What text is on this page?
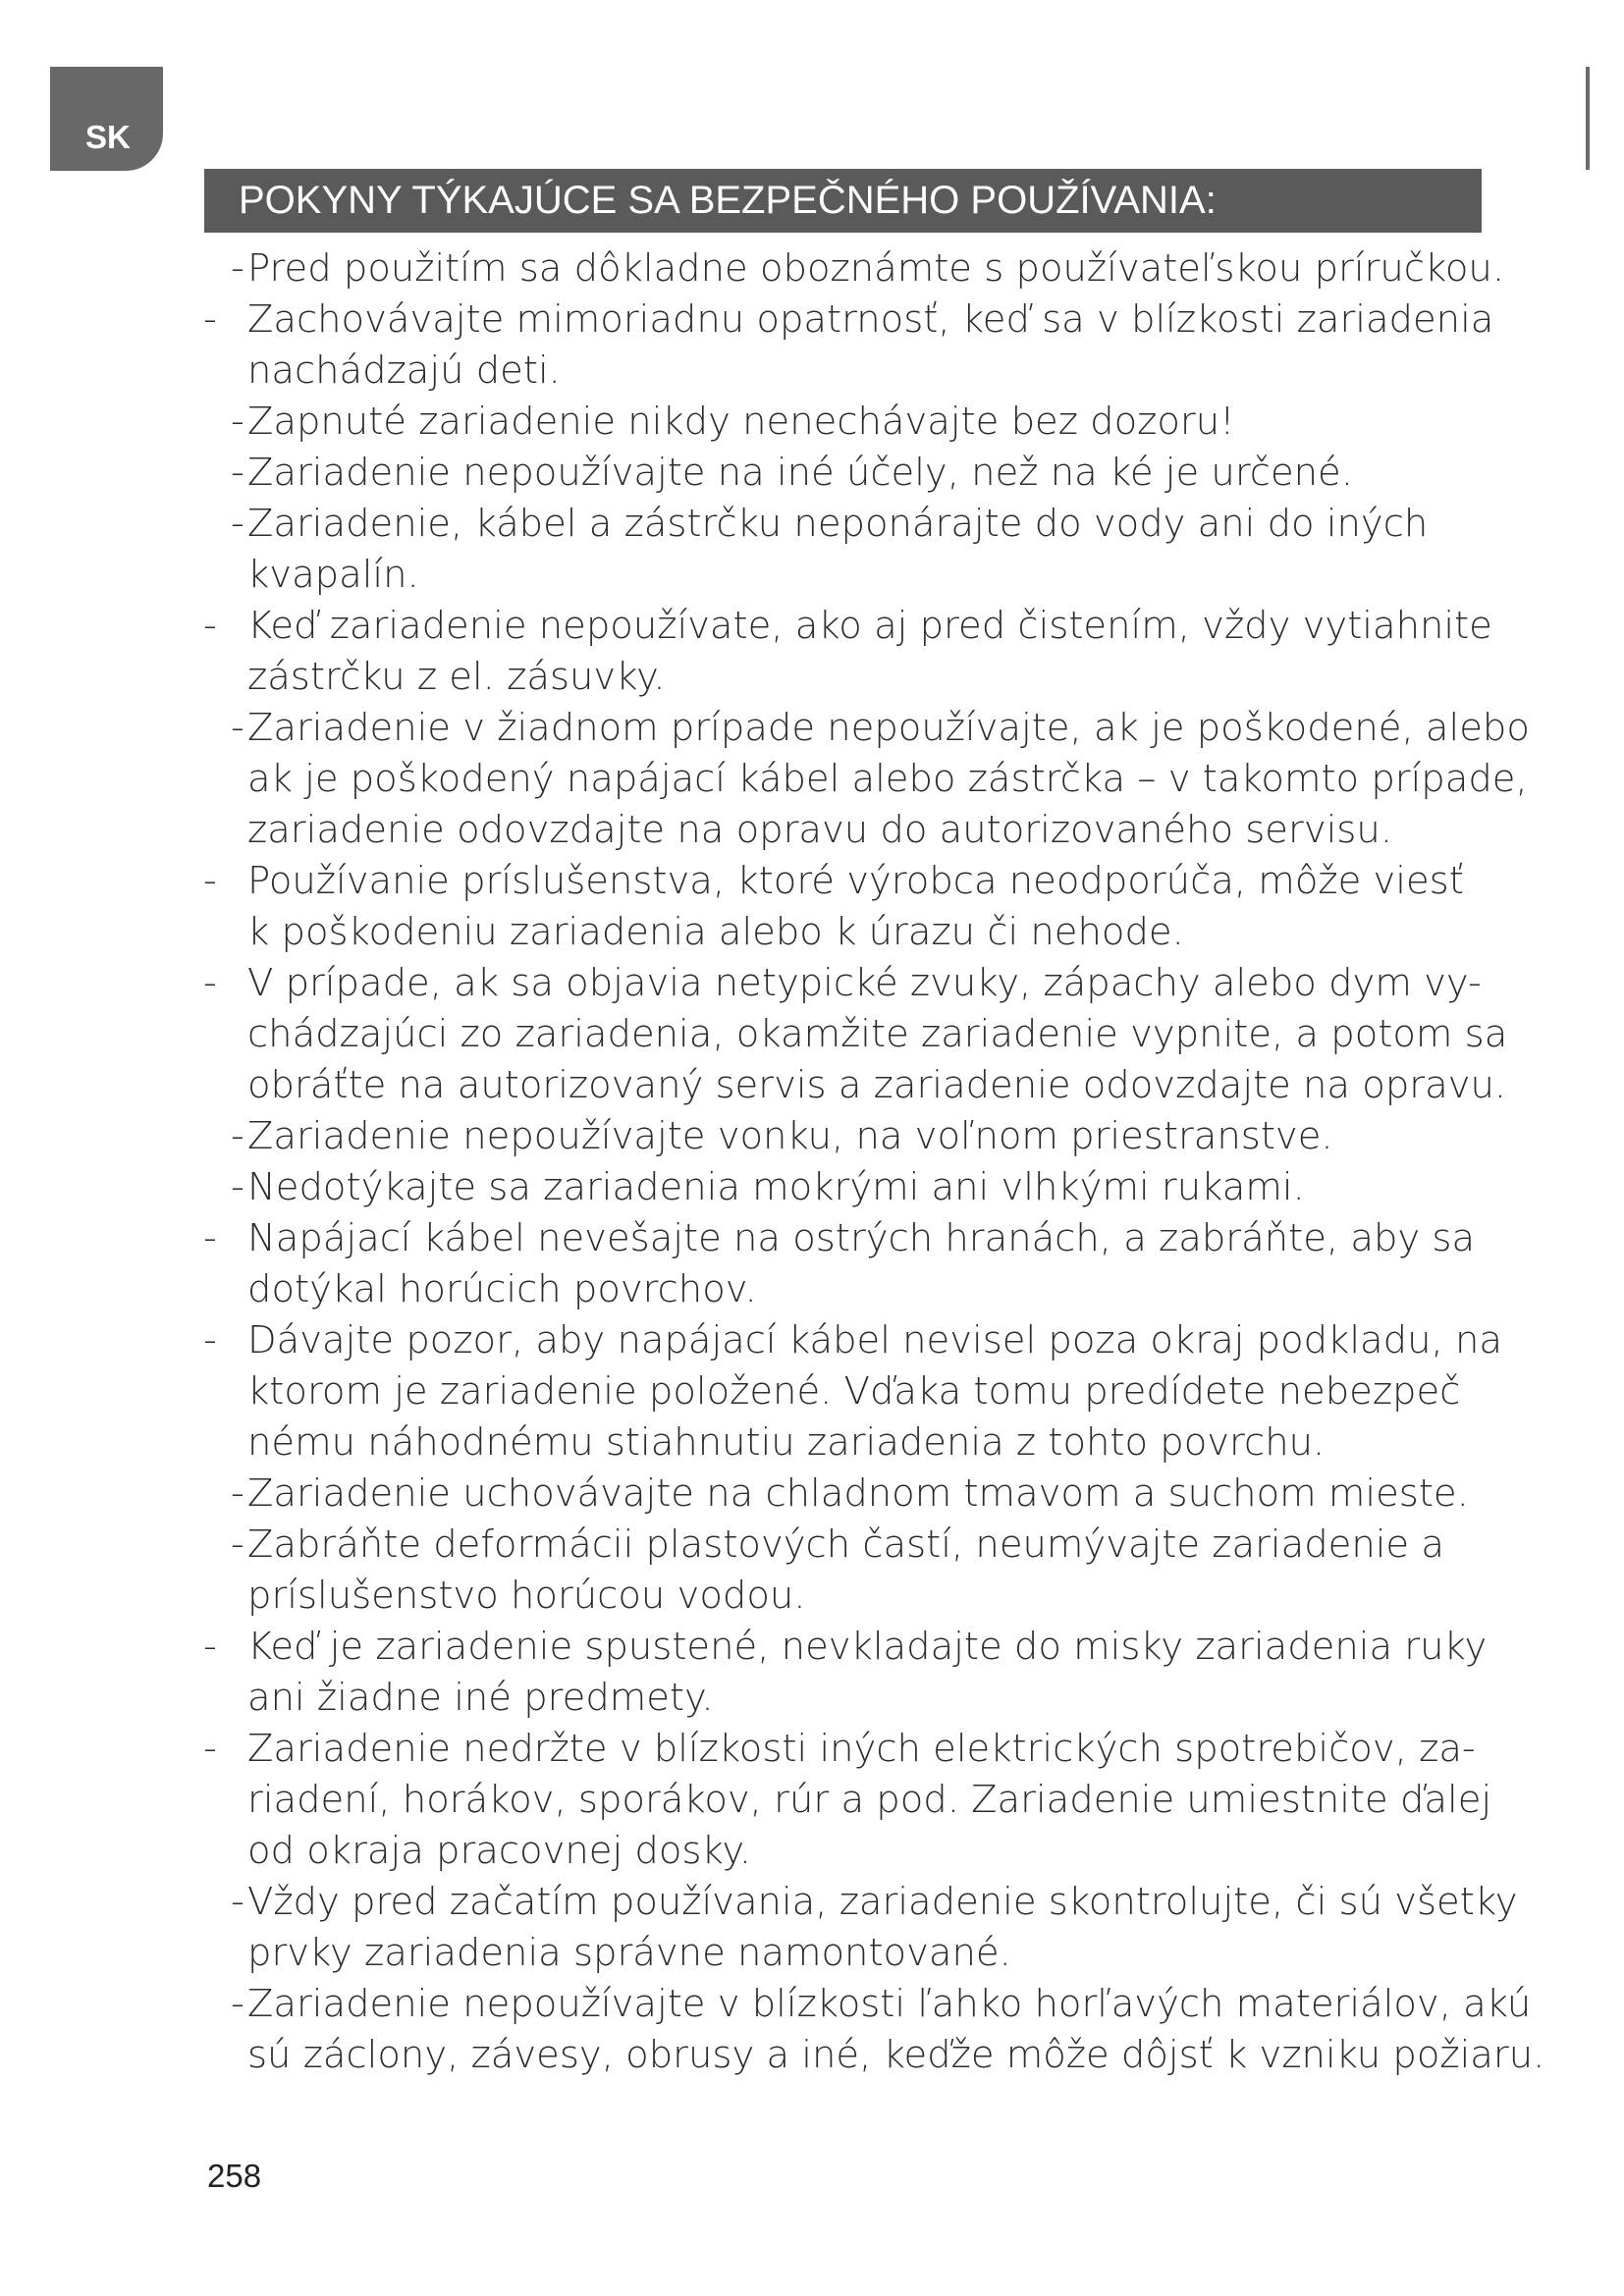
SK
POKYNY TÝKAJÚCE SA BEZPEČNÉHO POUŽÍVANIA:
- Pred použitím sa dôkladne oboznámte s používateľskou príručkou.
- Zachovávajte mimoriadnu opatrnosť, keď sa v blízkosti zariadenia
nachádzajú deti.
- Zapnuté zariadenie nikdy nenechávajte bez dozoru!
- Zariadenie nepoužívajte na iné účely, než na ké je určené.
- Zariadenie, kábel a zástrčku neponárajte do vody ani do iných
kvapalín.
- Keď zariadenie nepoužívate, ako aj pred čistením, vždy vytiahnite
zástrčku z el. zásuvky.
- Zariadenie v žiadnom prípade nepoužívajte, ak je poškodené, alebo
ak je poškodený napájací kábel alebo zástrčka – v takomto prípade,
zariadenie odovzdajte na opravu do autorizovaného servisu.
- Používanie príslušenstva, ktoré výrobca neodporúča, môže viesť
k poškodeniu zariadenia alebo k úrazu či nehode.
- V prípade, ak sa objavia netypické zvuky, zápachy alebo dym vy-
chádzajúci zo zariadenia, okamžite zariadenie vypnite, a potom sa
obráťte na autorizovaný servis a zariadenie odovzdajte na opravu.
- Zariadenie nepoužívajte vonku, na voľnom priestranstve.
- Nedotýkajte sa zariadenia mokrými ani vlhkými rukami.
- Napájací kábel nevešajte na ostrých hranách, a zabráňte, aby sa
dotýkal horúcich povrchov.
- Dávajte pozor, aby napájací kábel nevisel poza okraj podkladu, na
ktorom je zariadenie položené. Vďaka tomu predídete nebezpeč
nému náhodnému stiahnutiu zariadenia z tohto povrchu.
- Zariadenie uchovávajte na chladnom tmavom a suchom mieste.
- Zabráňte deformácii plastových častí, neumývajte zariadenie a
príslušenstvo horúcou vodou.
- Keď je zariadenie spustené, nevkladajte do misky zariadenia ruky
ani žiadne iné predmety.
- Zariadenie nedržte v blízkosti iných elektrických spotrebičov, za-
riadení, horákov, sporákov, rúr a pod. Zariadenie umiestnite ďalej
od okraja pracovnej dosky.
- Vždy pred začatím používania, zariadenie skontrolujte, či sú všetky
prvky zariadenia správne namontované.
- Zariadenie nepoužívajte v blízkosti ľahko horľavých materiálov, akú
sú záclony, závesy, obrusy a iné, keďže môže dôjsť k vzniku požiaru.
258
